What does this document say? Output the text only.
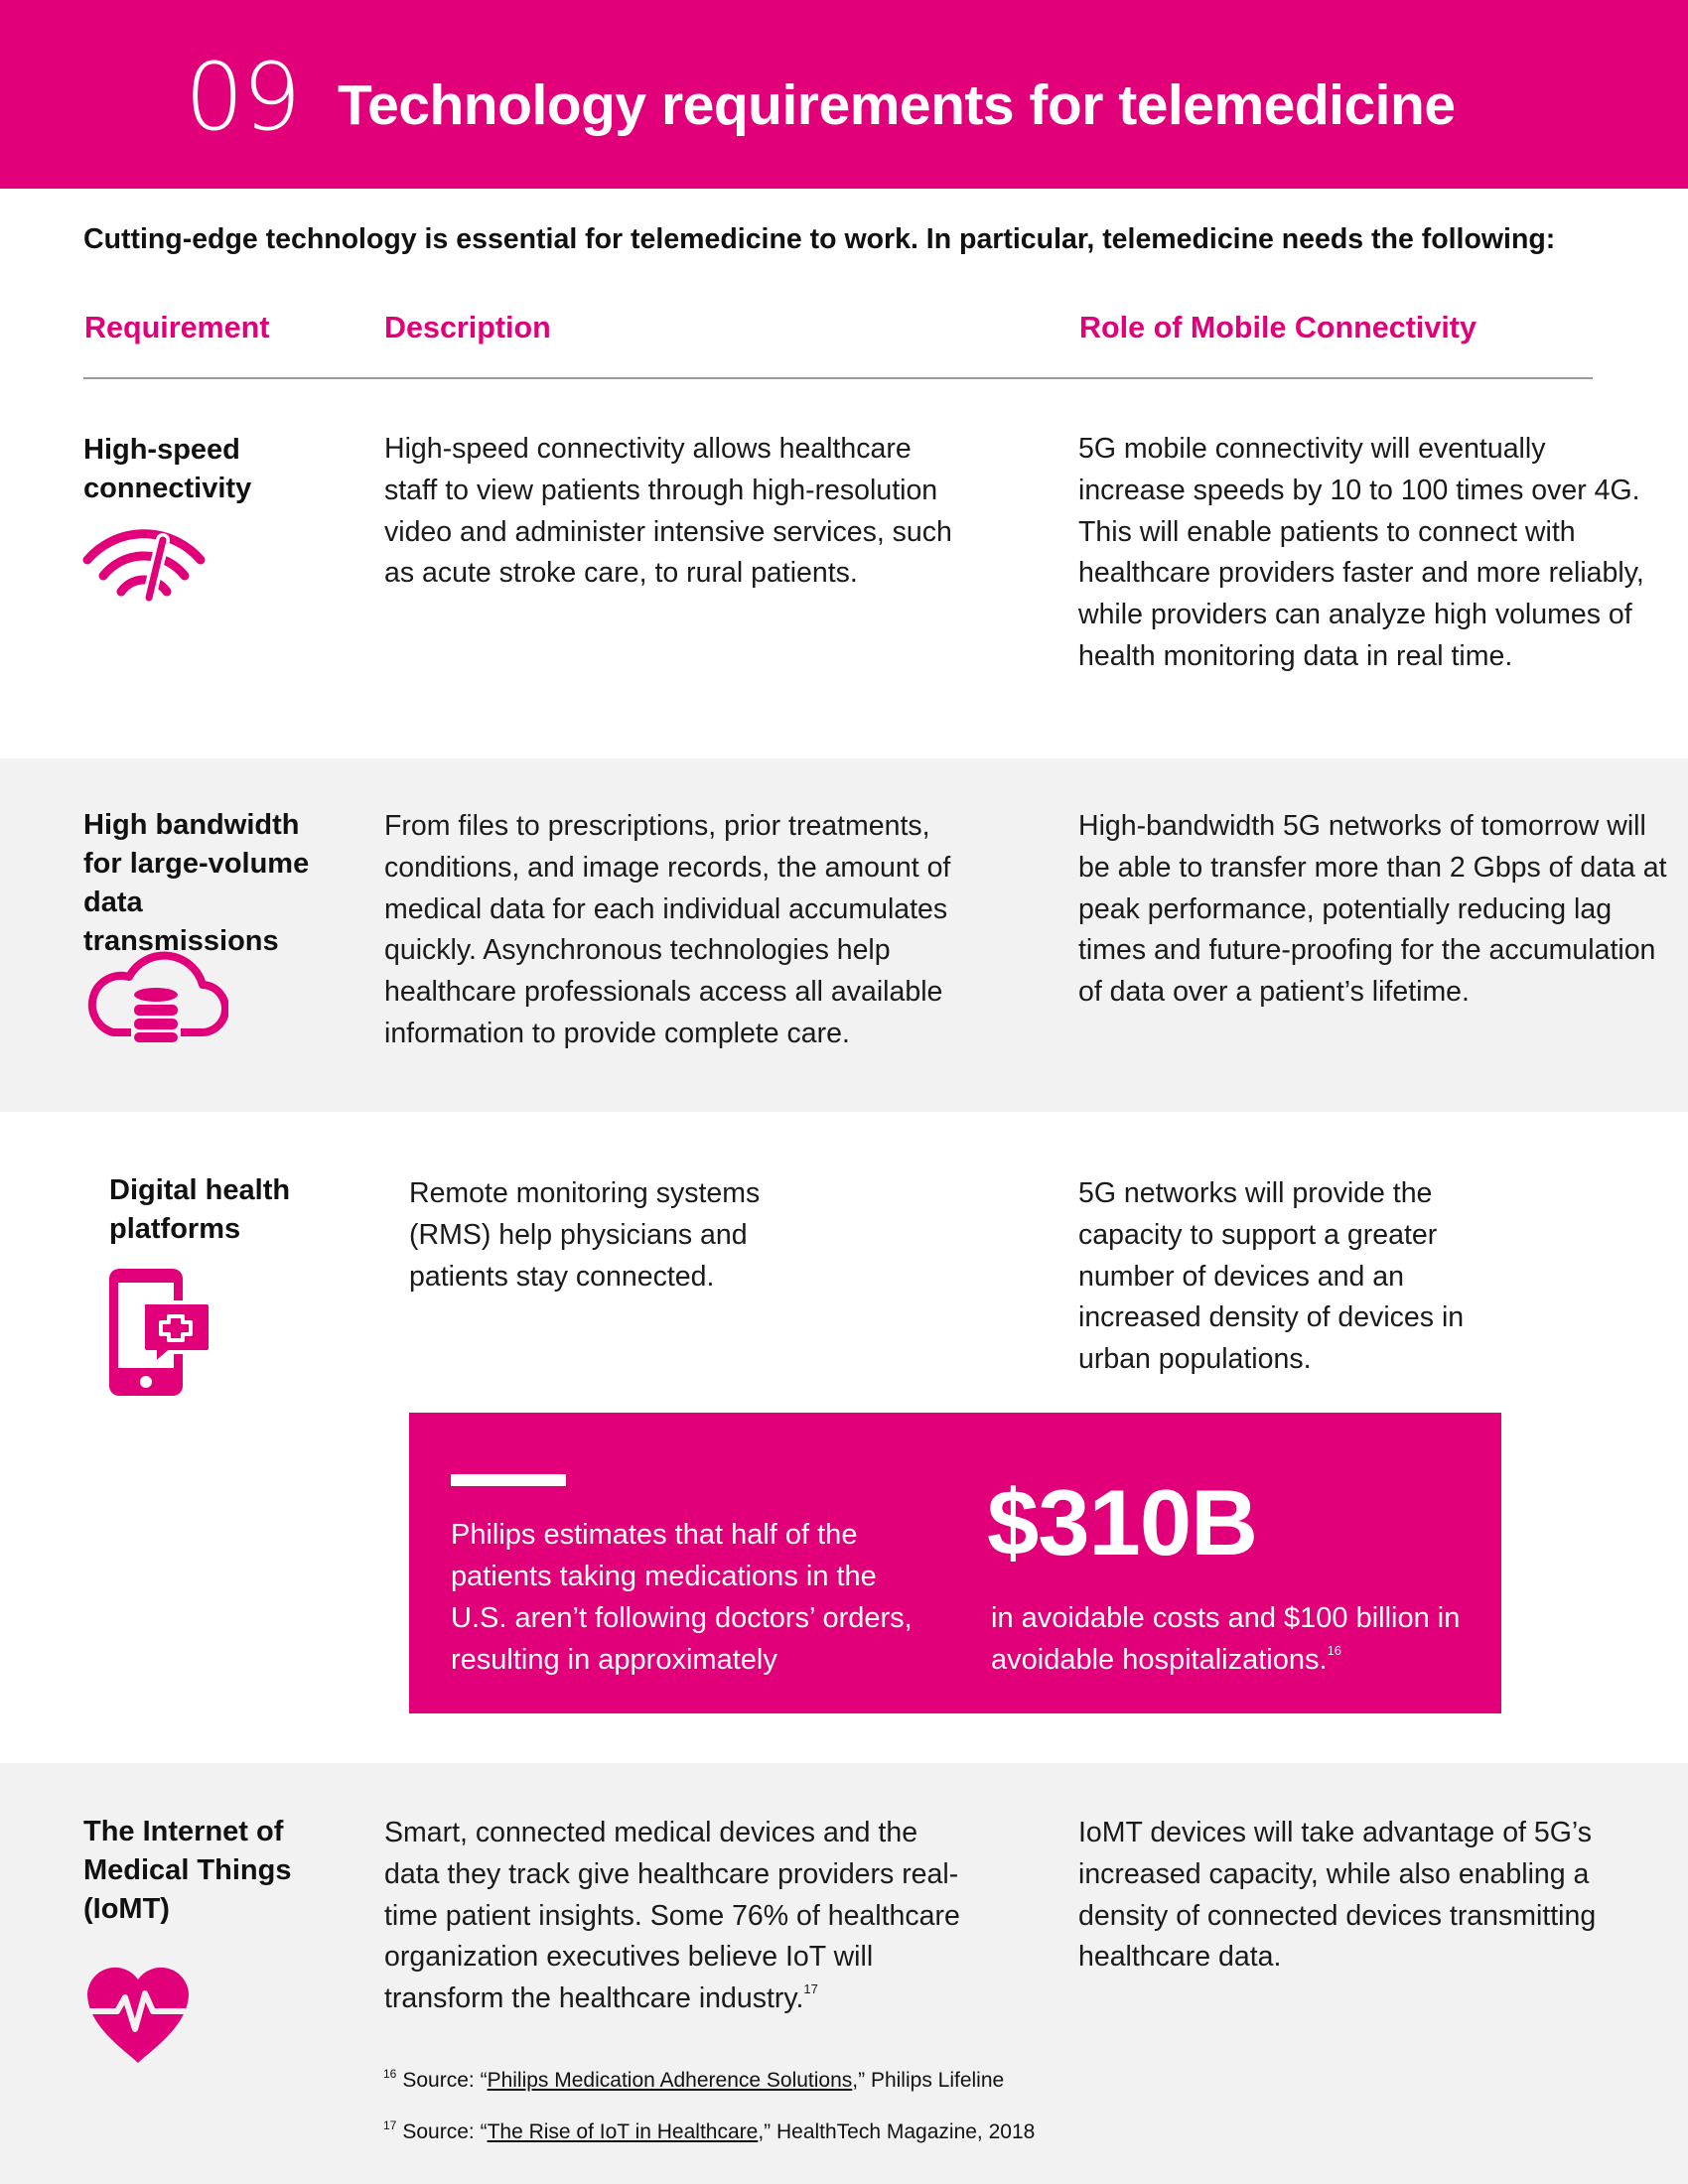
09 Technology requirements for telemedicine
Cutting-edge technology is essential for telemedicine to work. In particular, telemedicine needs the following:
Requirement	Description	Role of Mobile Connectivity
High-speed connectivity
High-speed connectivity allows healthcare staff to view patients through high-resolution video and administer intensive services, such as acute stroke care, to rural patients.
5G mobile connectivity will eventually increase speeds by 10 to 100 times over 4G. This will enable patients to connect with healthcare providers faster and more reliably, while providers can analyze high volumes of health monitoring data in real time.
High bandwidth for large-volume data transmissions
From files to prescriptions, prior treatments, conditions, and image records, the amount of medical data for each individual accumulates quickly. Asynchronous technologies help healthcare professionals access all available information to provide complete care.
High-bandwidth 5G networks of tomorrow will be able to transfer more than 2 Gbps of data at peak performance, potentially reducing lag times and future-proofing for the accumulation of data over a patient’s lifetime.
Digital health platforms
Remote monitoring systems (RMS) help physicians and patients stay connected.
5G networks will provide the capacity to support a greater number of devices and an increased density of devices in urban populations.
Philips estimates that half of the patients taking medications in the U.S. aren’t following doctors’ orders, resulting in approximately
$310B
in avoidable costs and $100 billion in avoidable hospitalizations.$^{16}$
The Internet of Medical Things (IoMT)
Smart, connected medical devices and the data they track give healthcare providers real-time patient insights. Some 76% of healthcare organization executives believe IoT will transform the healthcare industry.$^{17}$
IoMT devices will take advantage of 5G’s increased capacity, while also enabling a density of connected devices transmitting healthcare data.
$^{16}$ Source: “Philips Medication Adherence Solutions,” Philips Lifeline
$^{17}$ Source: “The Rise of IoT in Healthcare,” HealthTech Magazine, 2018
